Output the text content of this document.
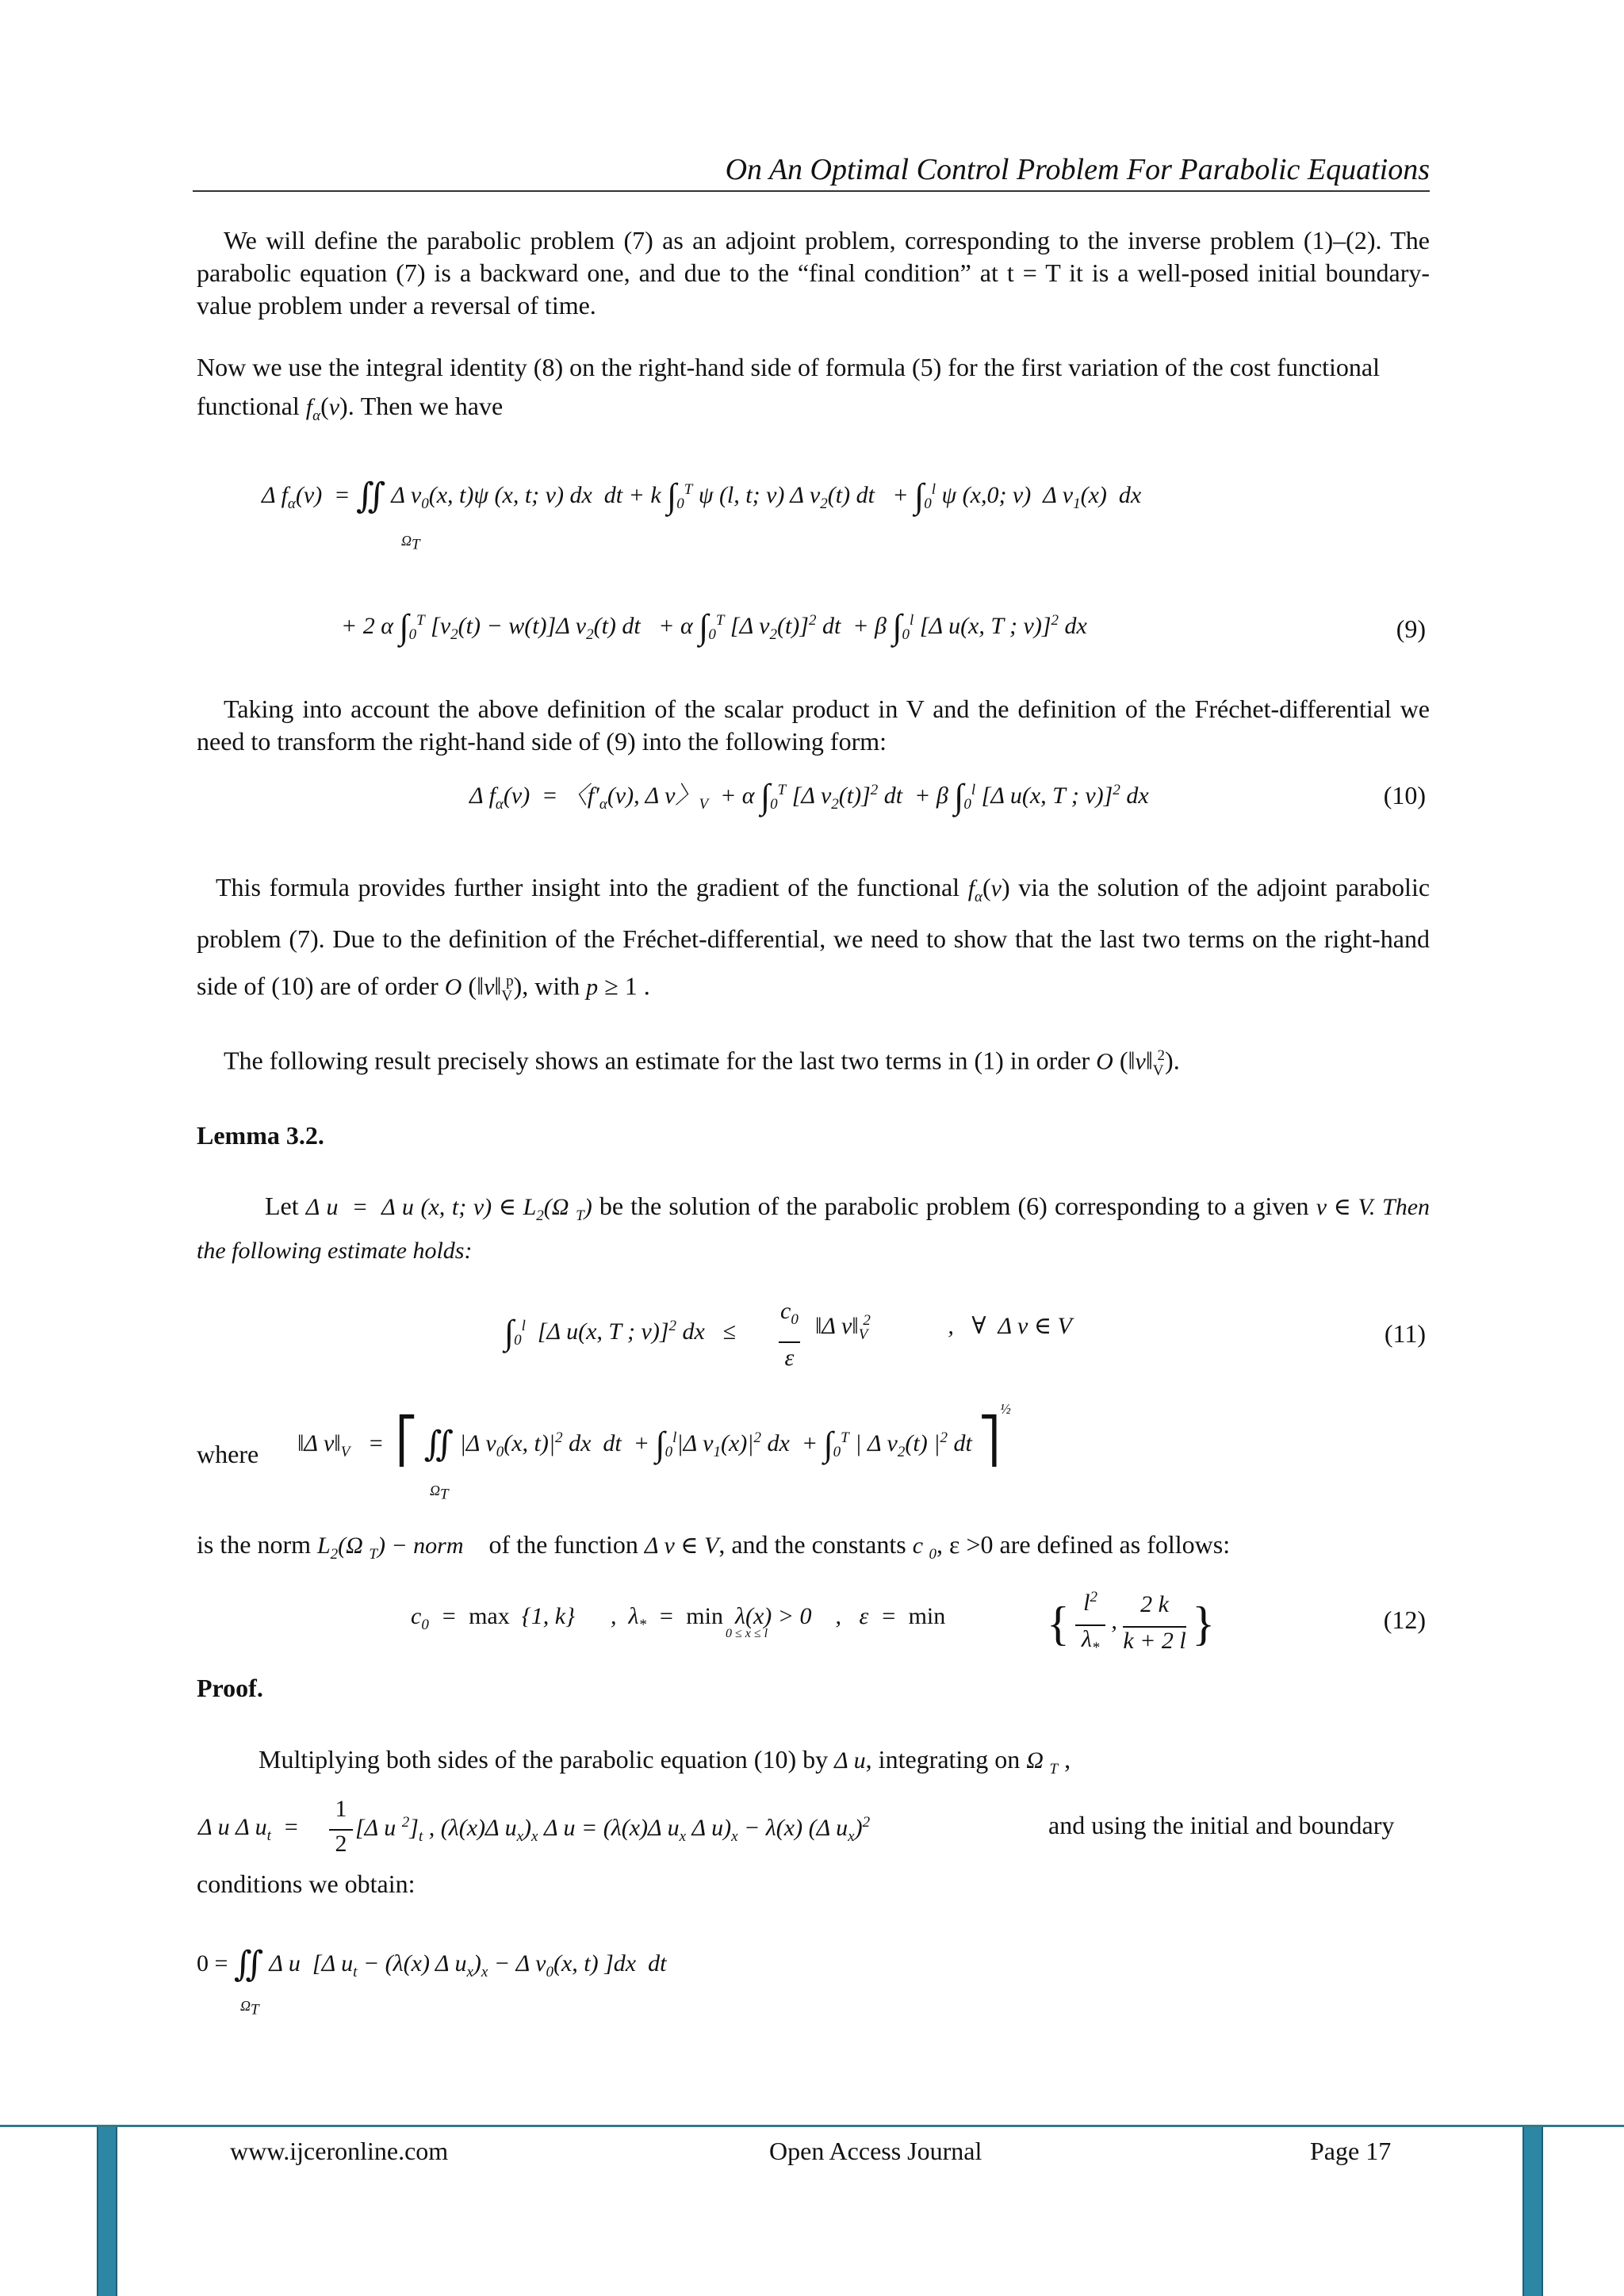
On An Optimal Control Problem For Parabolic Equations
We will define the parabolic problem (7) as an adjoint problem, corresponding to the inverse problem (1)–(2). The parabolic equation (7) is a backward one, and due to the “final condition” at t = T it is a well-posed initial boundary-value problem under a reversal of time.
Now we use the integral identity (8) on the right-hand side of formula (5) for the first variation of the cost functional
functional $f_\alpha(v)$. Then we have
Δ $f_\alpha(v)$  = ∬ Δ $v_0(x$, t)ψ (x, t; v) dx  dt + k $\int_0^T$ ψ (l, t; v) Δ $v_2(t)$ dt   + $\int_0^l$ ψ (x,0; v)  Δ $v_1(x)$  dx
$\Omega_T$
+ 2 α $\int_0^T$ $[v_2(t) - w(t)]\Delta$ $v_2(t)$ dt   + α $\int_0^T$ [Δ $v_2(t)]^2$ dt  + β $\int_0^l$ [Δ u(x, T ; v)]$^2$ dx	(9)
Taking into account the above definition of the scalar product in V and the definition of the Fréchet-differential we need to transform the right-hand side of (9) into the following form:
Δ $f_\alpha(v)$  = 〈$f'_\alpha(v)$, Δ v〉$_V$  + α $\int_0^T$ [Δ $v_2(t)]^2$ dt  + β $\int_0^l$ [Δ u(x, T ; v)]$^2$ dx	(10)
This formula provides further insight into the gradient of the functional $f_\alpha(v)$ via the solution of the adjoint parabolic problem (7). Due to the definition of the Fréchet-differential, we need to show that the last two terms on the right-hand side of (10) are of order O $(‖v‖_V^p)$, with p ≥ 1 .
The following result precisely shows an estimate for the last two terms in (1) in order O $(‖v‖_V^2)$.
Lemma 3.2.
Let Δ u  =  Δ u (x, t; v) ∈ $L_2(\Omega$ $_T$) be the solution of the parabolic problem (6) corresponding to a given v ∈ V. Then the following estimate holds:
$\int_0^l$  [Δ u(x, T ; v)]$^2$ dx   ≤
$c_0$
ε
‖Δ $v‖_V^2$             ,   ∀  Δ v ∈ V	(11)
where ‖Δ $v‖_V$   =  ⎡ ∬ |Δ $v_0(x$, $t)|^2$ dx  dt  + $\int_0^l|\Delta$ $v_1(x)|^2$ dx  + $\int_0^T$ | Δ $v_2(t)$ $|^2$ dt ⎤$^{\frac{1}{2}}$
$\Omega_T$
is the norm $L_2(\Omega$ $_T$) − norm of the function Δ v ∈ V, and the constants c $_0$, ε >0 are defined as follows:
$c_0 = \max \{1$, k}      ,  $\lambda_* = \min \lambda(x) > 0$    ,   ε  =  min
0 ≤ x ≤ l	{ $l^2$
$\lambda_*$  , 2 k
k + 2 l }	(12)
Proof.
Multiplying both sides of the parabolic equation (10) by Δ u, integrating on Ω $_T$ ,
Δ u Δ $u_t$  =
1
2
[Δ u $^2]_t$ , (λ(x)Δ $u_x)_x$ Δ u = (λ(x)Δ $u_x$ Δ $u)_x - \lambda(x)$ (Δ $u_x)^2$	and using the initial and boundary
conditions we obtain:
0 = ∬ Δ u  [Δ $u_t - (\lambda(x)$ Δ $u_x)_x - \Delta$ $v_0(x$, t) ]dx  dt
$\Omega_T$
www.ijceronline.com	Open Access Journal	Page 17
